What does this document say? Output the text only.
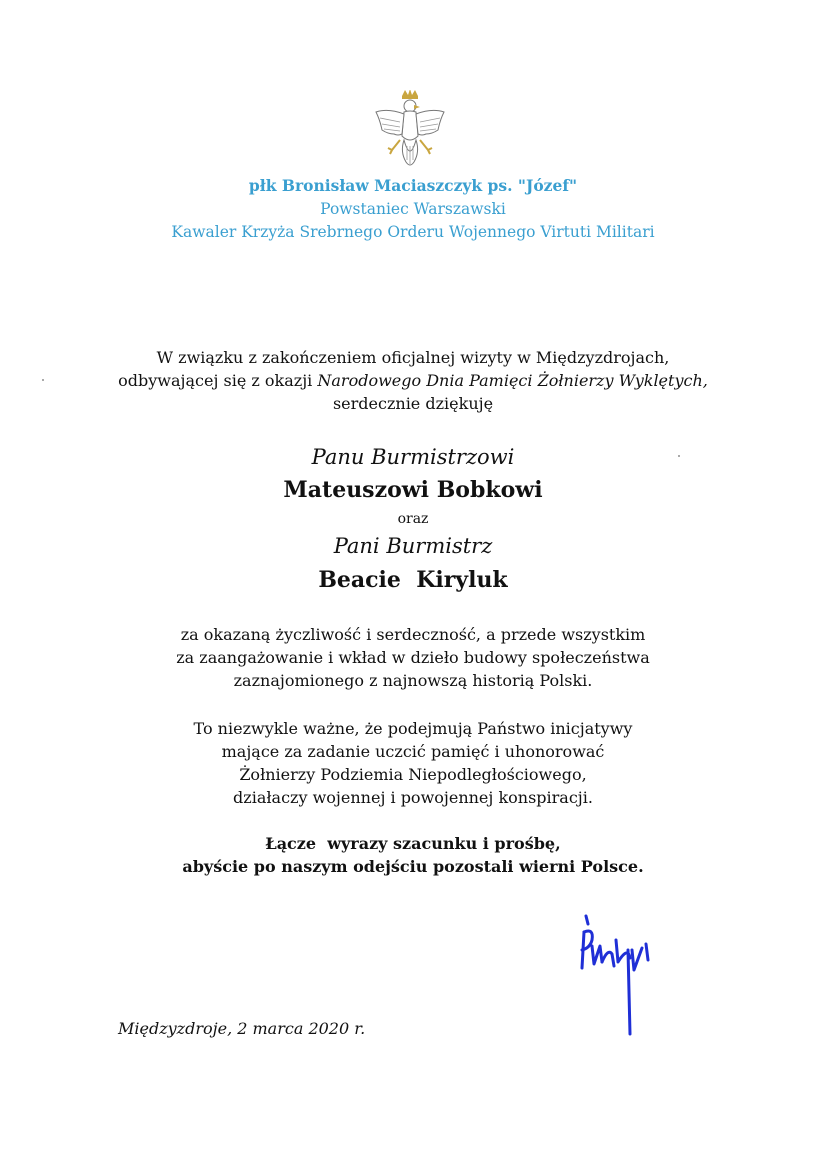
płk Bronisław Maciaszczyk ps. "Józef"
Powstaniec Warszawski
Kawaler Krzyża Srebrnego Orderu Wojennego Virtuti Militari
W związku z zakończeniem oficjalnej wizyty w Międzyzdrojach,
odbywającej się z okazji Narodowego Dnia Pamięci Żołnierzy Wyklętych,
serdecznie dziękuję
Panu Burmistrzowi
Mateuszowi Bobkowi
oraz
Pani Burmistrz
Beacie  Kiryluk
za okazaną życzliwość i serdeczność, a przede wszystkim
za zaangażowanie i wkład w dzieło budowy społeczeństwa
zaznajomionego z najnowszą historią Polski.
To niezwykle ważne, że podejmują Państwo inicjatywy
mające za zadanie uczcić pamięć i uhonorować
Żołnierzy Podziemia Niepodległościowego,
działaczy wojennej i powojennej konspiracji.
Łącze  wyrazy szacunku i prośbę,
abyście po naszym odejściu pozostali wierni Polsce.
Międzyzdroje, 2 marca 2020 r.
